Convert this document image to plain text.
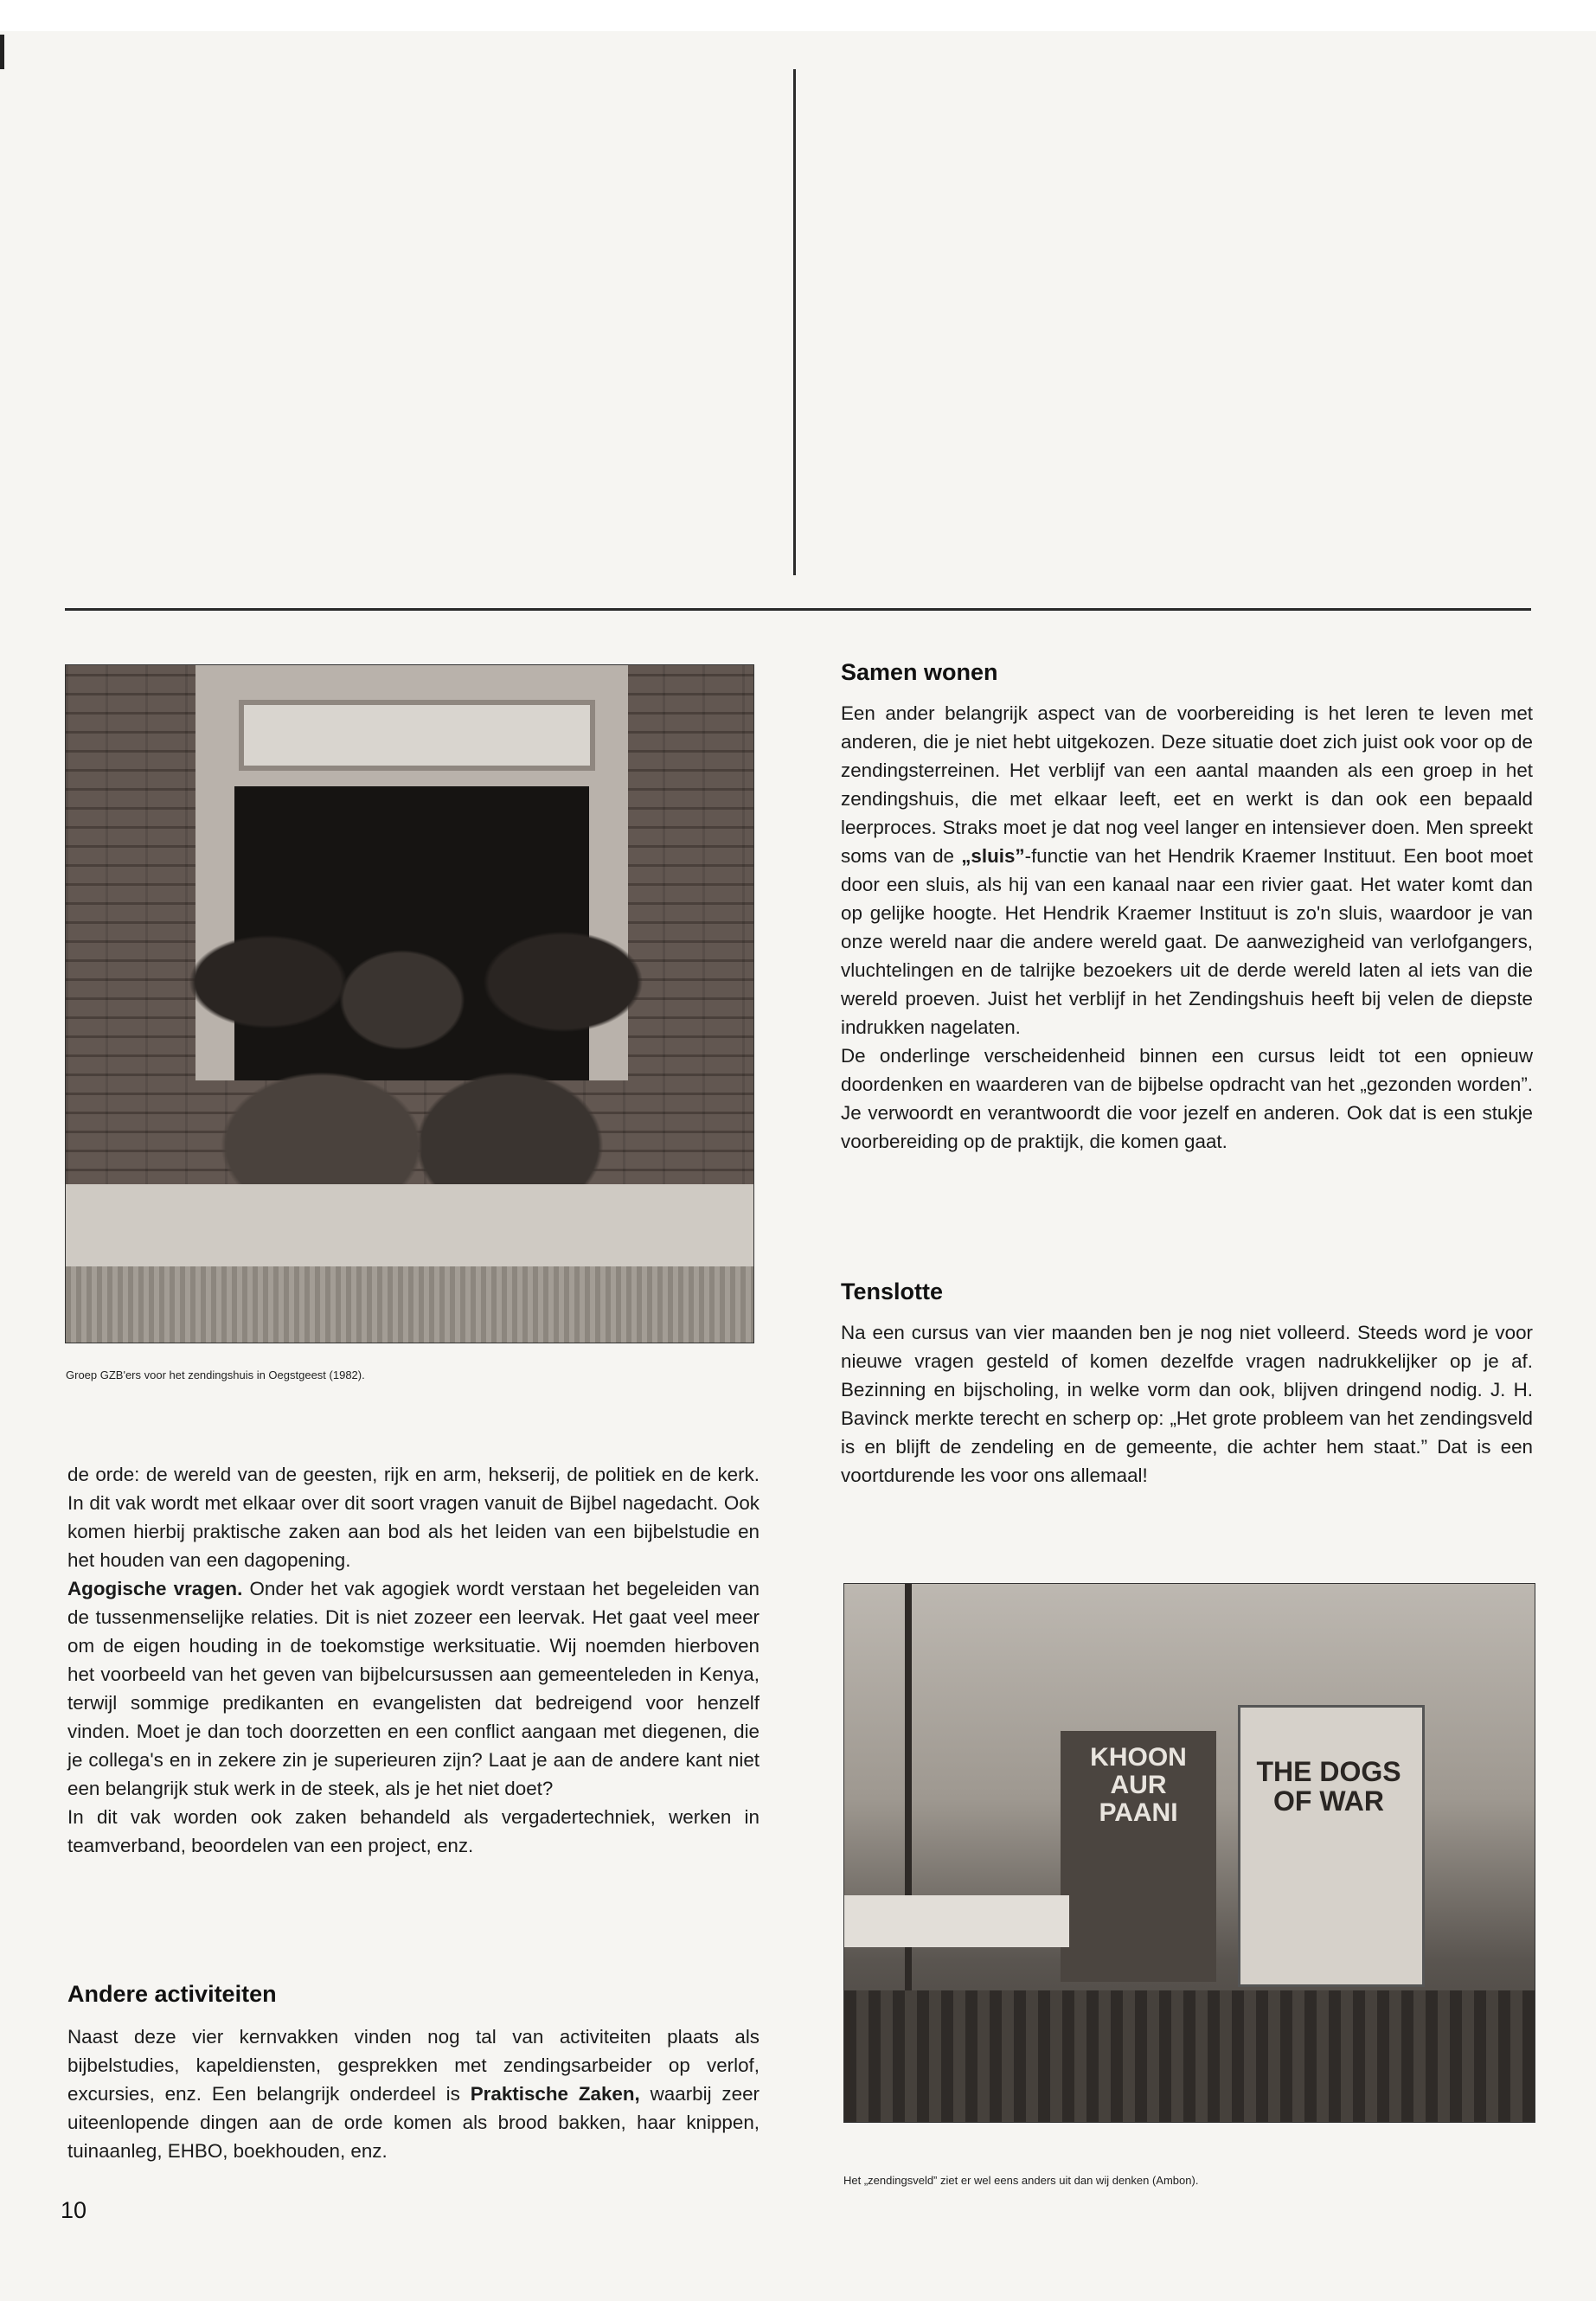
Groep GZB'ers voor het zendingshuis in Oegstgeest (1982).

de orde: de wereld van de geesten, rijk en arm, hekserij, de politiek en de kerk. In dit vak wordt met elkaar over dit soort vragen vanuit de Bijbel nagedacht. Ook komen hierbij praktische zaken aan bod als het leiden van een bijbelstudie en het houden van een dagopening.

Agogische vragen. Onder het vak agogiek wordt verstaan het begeleiden van de tussenmenselijke relaties. Dit is niet zozeer een leervak. Het gaat veel meer om de eigen houding in de toekomstige werksituatie. Wij noemden hierboven het voorbeeld van het geven van bijbelcursussen aan gemeenteleden in Kenya, terwijl sommige predikanten en evangelisten dat bedreigend voor henzelf vinden. Moet je dan toch doorzetten en een conflict aangaan met diegenen, die je collega's en in zekere zin je superieuren zijn? Laat je aan de andere kant niet een belangrijk stuk werk in de steek, als je het niet doet?

In dit vak worden ook zaken behandeld als vergadertechniek, werken in teamverband, beoordelen van een project, enz.

Andere activiteiten

Naast deze vier kernvakken vinden nog tal van activiteiten plaats als bijbelstudies, kapeldiensten, gesprekken met zendingsarbeider op verlof, excursies, enz. Een belangrijk onderdeel is Praktische Zaken, waarbij zeer uiteenlopende dingen aan de orde komen als brood bakken, haar knippen, tuinaanleg, EHBO, boekhouden, enz.

10
Samen wonen

Een ander belangrijk aspect van de voorbereiding is het leren te leven met anderen, die je niet hebt uitgekozen. Deze situatie doet zich juist ook voor op de zendingsterreinen. Het verblijf van een aantal maanden als een groep in het zendingshuis, die met elkaar leeft, eet en werkt is dan ook een bepaald leerproces. Straks moet je dat nog veel langer en intensiever doen. Men spreekt soms van de „sluis”-functie van het Hendrik Kraemer Instituut. Een boot moet door een sluis, als hij van een kanaal naar een rivier gaat. Het water komt dan op gelijke hoogte. Het Hendrik Kraemer Instituut is zo'n sluis, waardoor je van onze wereld naar die andere wereld gaat. De aanwezigheid van verlofgangers, vluchtelingen en de talrijke bezoekers uit de derde wereld laten al iets van die wereld proeven. Juist het verblijf in het Zendingshuis heeft bij velen de diepste indrukken nagelaten.

De onderlinge verscheidenheid binnen een cursus leidt tot een opnieuw doordenken en waarderen van de bijbelse opdracht van het „gezonden worden”. Je verwoordt en verantwoordt die voor jezelf en anderen. Ook dat is een stukje voorbereiding op de praktijk, die komen gaat.

Tenslotte

Na een cursus van vier maanden ben je nog niet volleerd. Steeds word je voor nieuwe vragen gesteld of komen dezelfde vragen nadrukkelijker op je af. Bezinning en bijscholing, in welke vorm dan ook, blijven dringend nodig. J. H. Bavinck merkte terecht en scherp op: „Het grote probleem van het zendingsveld is en blijft de zendeling en de gemeente, die achter hem staat.” Dat is een voortdurende les voor ons allemaal!

KHOON AUR PAANI
THE DOGS OF WAR
Het „zendingsveld” ziet er wel eens anders uit dan wij denken (Ambon).
